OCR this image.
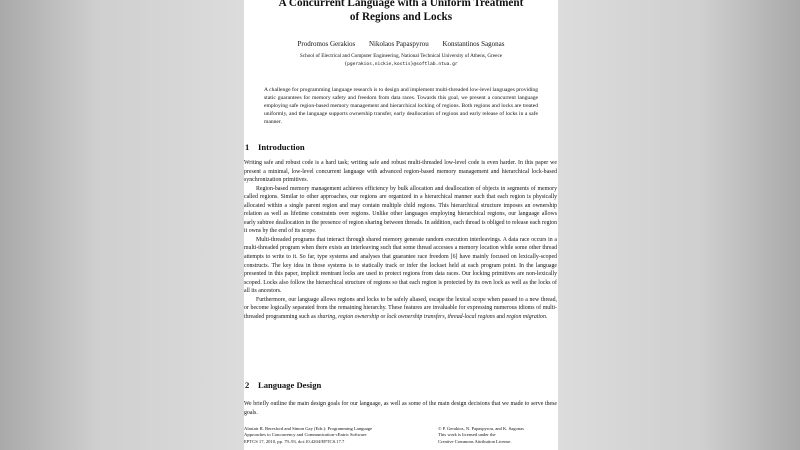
A Concurrent Language with a Uniform Treatment
of Regions and Locks
Prodromos Gerakios Nikolaos Papaspyrou Konstantinos Sagonas
School of Electrical and Computer Engineering, National Technical University of Athens, Greece
{pgerakios,nickie,kostis}@softlab.ntua.gr
A challenge for programming language research is to design and implement multi-threaded low-level languages providing static guarantees for memory safety and freedom from data races. Towards this goal, we present a concurrent language employing safe region-based memory management and hierarchical locking of regions. Both regions and locks are treated uniformly, and the language supports ownership transfer, early deallocation of regions and early release of locks in a safe manner.
1 Introduction

Writing safe and robust code is a hard task; writing safe and robust multi-threaded low-level code is even harder. In this paper we present a minimal, low-level concurrent language with advanced region-based memory management and hierarchical lock-based synchronization primitives.

Region-based memory management achieves efficiency by bulk allocation and deallocation of objects in segments of memory called regions. Similar to other approaches, our regions are organized in a hierarchical manner such that each region is physically allocated within a single parent region and may contain multiple child regions. This hierarchical structure imposes an ownership relation as well as lifetime constraints over regions. Unlike other languages employing hierarchical regions, our language allows early subtree deallocation in the presence of region sharing between threads. In addition, each thread is obliged to release each region it owns by the end of its scope.

Multi-threaded programs that interact through shared memory generate random execution interleavings. A data race occurs in a multi-threaded program when there exists an interleaving such that some thread accesses a memory location while some other thread attempts to write to it. So far, type systems and analyses that guarantee race freedom [6] have mainly focused on lexically-scoped constructs. The key idea in those systems is to statically track or infer the lockset held at each program point. In the language presented in this paper, implicit reentrant locks are used to protect regions from data races. Our locking primitives are non-lexically scoped. Locks also follow the hierarchical structure of regions so that each region is protected by its own lock as well as the locks of all its ancestors.

Furthermore, our language allows regions and locks to be safely aliased, escape the lexical scope when passed to a new thread, or become logically separated from the remaining hierarchy. These features are invaluable for expressing numerous idioms of multi-threaded programming such as sharing, region ownership or lock ownership transfers, thread-local regions and region migration.

2 Language Design

We briefly outline the main design goals for our language, as well as some of the main design decisions that we made to serve these goals.

Alastair R. Beresford and Simon Gay (Eds.): Programming Language
Approaches to Concurrency and Communication-cEntric Software
EPTCS 17, 2010, pp. 79–93, doi:10.4204/EPTCS.17.7
© P. Gerakios, N. Papaspyrou, and K. Sagonas
This work is licensed under the
Creative Commons Attribution License.
